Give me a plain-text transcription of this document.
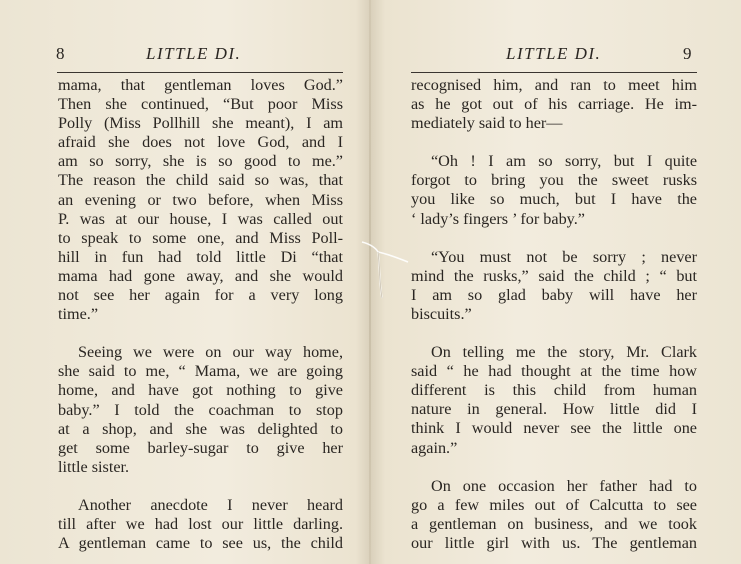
8	LITTLE DI.
mama, that gentleman loves God.”
Then she continued, “But poor Miss
Polly (Miss Pollhill she meant), I am
afraid she does not love God, and I
am so sorry, she is so good to me.”
The reason the child said so was, that
an evening or two before, when Miss
P. was at our house, I was called out
to speak to some one, and Miss Poll-
hill in fun had told little Di “that
mama had gone away, and she would
not see her again for a very long
time.”
Seeing we were on our way home,
she said to me, “ Mama, we are going
home, and have got nothing to give
baby.” I told the coachman to stop
at a shop, and she was delighted to
get some barley-sugar to give her
little sister.
Another anecdote I never heard
till after we had lost our little darling.
A gentleman came to see us, the child
LITTLE DI.	9
recognised him, and ran to meet him
as he got out of his carriage. He im-
mediately said to her—
“Oh ! I am so sorry, but I quite
forgot to bring you the sweet rusks
you like so much, but I have the
‘ lady’s fingers ’ for baby.”
“You must not be sorry ; never
mind the rusks,” said the child ; “ but
I am so glad baby will have her
biscuits.”
On telling me the story, Mr. Clark
said “ he had thought at the time how
different is this child from human
nature in general. How little did I
think I would never see the little one
again.”
On one occasion her father had to
go a few miles out of Calcutta to see
a gentleman on business, and we took
our little girl with us. The gentleman
